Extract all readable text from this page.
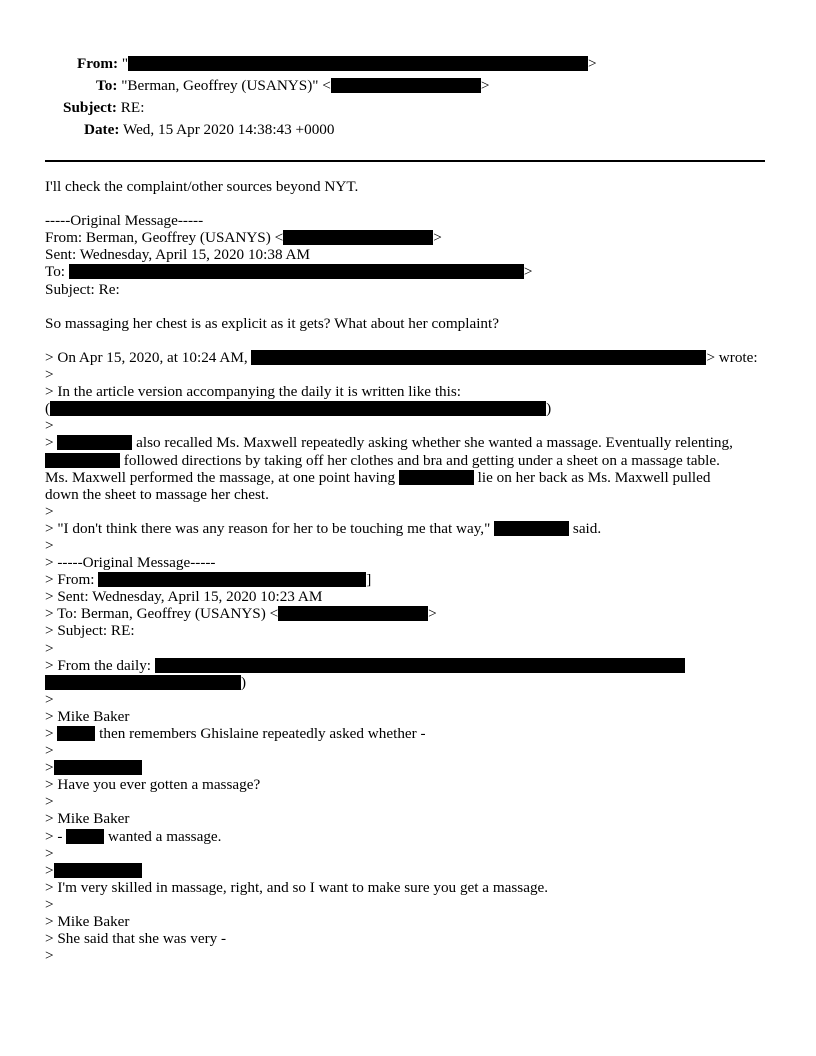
From: "	>
To: "Berman, Geoffrey (USANYS)" <	>
Subject: RE:
Date: Wed, 15 Apr 2020 14:38:43 +0000
I'll check the complaint/other sources beyond NYT.
-----Original Message-----
From: Berman, Geoffrey (USANYS) <	>
Sent: Wednesday, April 15, 2020 10:38 AM
To:	>
Subject: Re:
So massaging her chest is as explicit as it gets? What about her complaint?
> On Apr 15, 2020, at 10:24 AM,	> wrote:
>
> In the article version accompanying the daily it is written like this:
(	)
>
>	also recalled Ms. Maxwell repeatedly asking whether she wanted a massage. Eventually relenting,
followed directions by taking off her clothes and bra and getting under a sheet on a massage table.
Ms. Maxwell performed the massage, at one point having	lie on her back as Ms. Maxwell pulled
down the sheet to massage her chest.
>
> "I don't think there was any reason for her to be touching me that way,"	said.
>
> -----Original Message-----
> From:	]
> Sent: Wednesday, April 15, 2020 10:23 AM
> To: Berman, Geoffrey (USANYS) <	>
> Subject: RE:
>
> From the daily:
)
>
> Mike Baker
>	then remembers Ghislaine repeatedly asked whether -
>
>
> Have you ever gotten a massage?
>
> Mike Baker
> -	wanted a massage.
>
>
> I'm very skilled in massage, right, and so I want to make sure you get a massage.
>
> Mike Baker
> She said that she was very -
>
